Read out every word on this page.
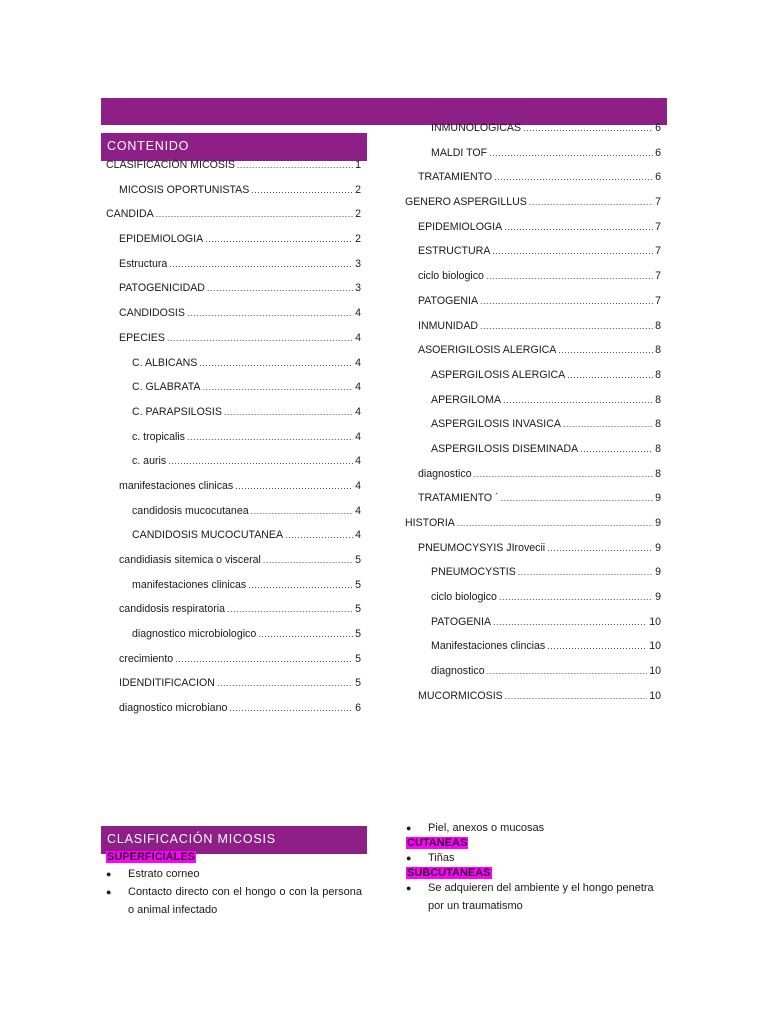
CONTENIDO
CLASIFICACIÓN MICOSIS .....	1
MICOSIS OPORTUNISTAS .....	2
CANDIDA .....	2
EPIDEMIOLOGIA .....	2
Estructura .....	3
PATOGENICIDAD .....	3
CANDIDOSIS .....	4
EPECIES .....	4
C. ALBICANS .....	4
C. GLABRATA .....	4
C. PARAPSILOSIS .....	4
c. tropicalis .....	4
c. auris .....	4
manifestaciones clinicas .....	4
candidosis mucocutanea .....	4
CANDIDOSIS MUCOCUTANEA .....	4
candidiasis sitemica o visceral .....	5
manifestaciones clinicas .....	5
candidosis respiratoria .....	5
diagnostico microbiologico .....	5
crecimiento .....	5
IDENDITIFICACION .....	5
diagnostico microbiano .....	6
INMUNOLOGICAS .....	6
MALDI TOF .....	6
TRATAMIENTO .....	6
GENERO ASPERGILLUS .....	7
EPIDEMIOLOGIA .....	7
ESTRUCTURA .....	7
ciclo biologico .....	7
PATOGENIA .....	7
INMUNIDAD .....	8
ASOERIGILOSIS ALERGICA .....	8
ASPERGILOSIS ALERGICA .....	8
APERGILOMA .....	8
ASPERGILOSIS INVASICA .....	8
ASPERGILOSIS DISEMINADA .....	8
diagnostico .....	8
TRATAMIENTO ´ .....	9
HISTORIA .....	9
PNEUMOCYSYIS JIrovecii .....	9
PNEUMOCYSTIS .....	9
ciclo biologico .....	9
PATOGENIA .....	10
Manifestaciones clincias .....	10
diagnostico .....	10
MUCORMICOSIS .....	10
CLASIFICACIÓN MICOSIS
SUPERFICIALES
●	Estrato corneo
●	Contacto directo con el hongo o con la persona o animal infectado
●	Piel, anexos o mucosas
CUTANEAS
●	Tiñas
SUBCUTANEAS
●	Se adquieren del ambiente y el hongo penetra por un traumatismo
